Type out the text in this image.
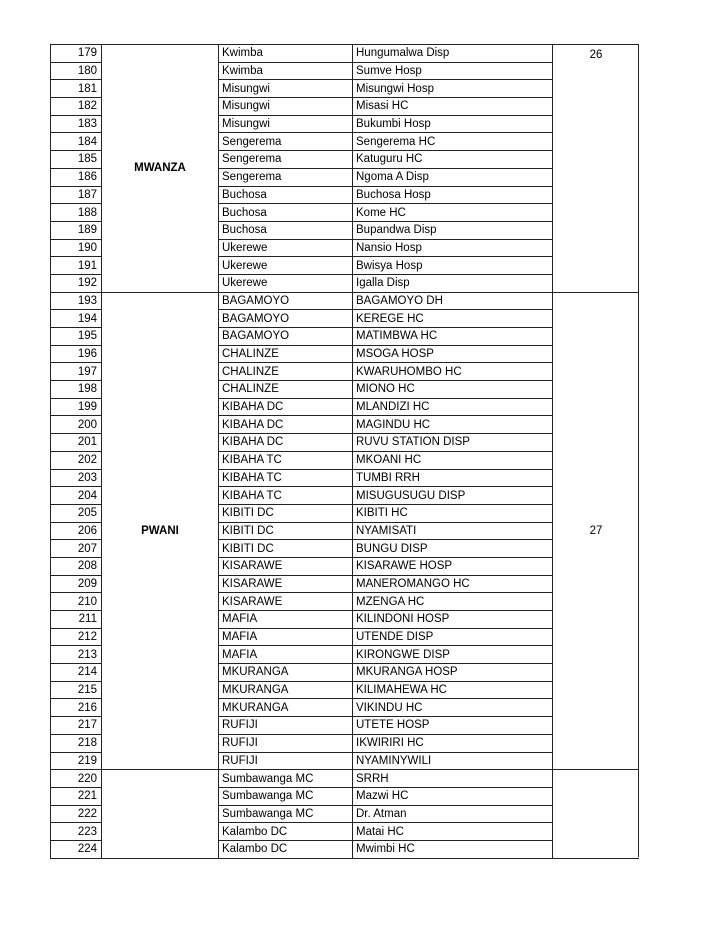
179	MWANZA	Kwimba	Hungumalwa Disp	26
180		Kwimba	Sumve Hosp	
181		Misungwi	Misungwi Hosp	
182		Misungwi	Misasi HC	
183		Misungwi	Bukumbi Hosp	
184		Sengerema	Sengerema HC	
185		Sengerema	Katuguru HC	
186		Sengerema	Ngoma A Disp	
187		Buchosa	Buchosa Hosp	
188		Buchosa	Kome HC	
189		Buchosa	Bupandwa Disp	
190		Ukerewe	Nansio Hosp	
191		Ukerewe	Bwisya Hosp	
192		Ukerewe	Igalla Disp	
193	PWANI	BAGAMOYO	BAGAMOYO DH	27
194		BAGAMOYO	KEREGE HC	
195		BAGAMOYO	MATIMBWA HC	
196		CHALINZE	MSOGA HOSP	
197		CHALINZE	KWARUHOMBO HC	
198		CHALINZE	MIONO HC	
199		KIBAHA DC	MLANDIZI HC	
200		KIBAHA DC	MAGINDU HC	
201		KIBAHA DC	RUVU STATION DISP	
202		KIBAHA TC	MKOANI HC	
203		KIBAHA TC	TUMBI RRH	
204		KIBAHA TC	MISUGUSUGU DISP	
205		KIBITI DC	KIBITI HC	
206		KIBITI DC	NYAMISATI	
207		KIBITI DC	BUNGU DISP	
208		KISARAWE	KISARAWE HOSP	
209		KISARAWE	MANEROMANGO HC	
210		KISARAWE	MZENGA HC	
211		MAFIA	KILINDONI HOSP	
212		MAFIA	UTENDE DISP	
213		MAFIA	KIRONGWE DISP	
214		MKURANGA	MKURANGA HOSP	
215		MKURANGA	KILIMAHEWA HC	
216		MKURANGA	VIKINDU HC	
217		RUFIJI	UTETE HOSP	
218		RUFIJI	IKWIRIRI HC	
219		RUFIJI	NYAMINYWILI	
220		Sumbawanga MC	SRRH	
221		Sumbawanga MC	Mazwi HC	
222		Sumbawanga MC	Dr. Atman	
223		Kalambo DC	Matai HC	
224		Kalambo DC	Mwimbi HC	
